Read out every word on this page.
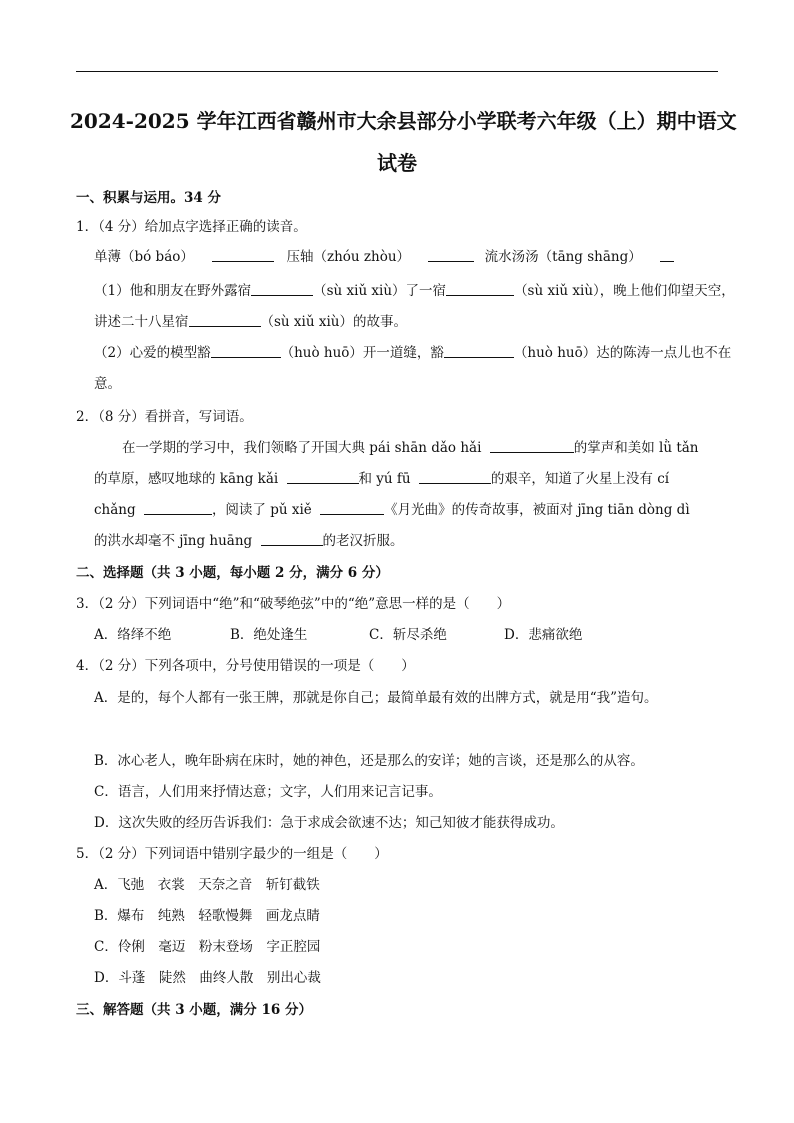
2024-2025 学年江西省赣州市大余县部分小学联考六年级（上）期中语文
试卷
一、积累与运用。34 分
1．（4 分）给加点字选择正确的读音。
单薄（bó báo）	压轴（zhóu zhòu）	流水汤汤（tāng shāng）
（1）他和朋友在野外露宿	（sù xiǔ xiù）了一宿	（sù xiǔ xiù），晚上他们仰望天空，
讲述二十八星宿	（sù xiǔ xiù）的故事。
（2）心爱的模型豁	（huò huō）开一道缝，豁	（huò huō）达的陈涛一点儿也不在
意。
2．（8 分）看拼音，写词语。
在一学期的学习中，我们领略了开国大典 pái shān dǎo hǎi	的掌声和美如 lǜ tǎn
的草原，感叹地球的 kāng kǎi	和 yú fū	的艰辛，知道了火星上没有 cí
chǎng	，阅读了 pǔ xiě	《月光曲》的传奇故事，被面对 jīng tiān dòng dì
的洪水却毫不 jīng huāng	的老汉折服。
二、选择题（共 3 小题，每小题 2 分，满分 6 分）
3．（2 分）下列词语中“绝”和“破琴绝弦”中的“绝”意思一样的是（　　）
A．络绎不绝	B．绝处逢生	C．斩尽杀绝	D．悲痛欲绝
4．（2 分）下列各项中，分号使用错误的一项是（　　）
A．是的，每个人都有一张王牌，那就是你自己；最简单最有效的出牌方式，就是用“我”造句。
B．冰心老人，晚年卧病在床时，她的神色，还是那么的安详；她的言谈，还是那么的从容。
C．语言，人们用来抒情达意；文字，人们用来记言记事。
D．这次失败的经历告诉我们：急于求成会欲速不达；知己知彼才能获得成功。
5．（2 分）下列词语中错别字最少的一组是（　　）
A．飞弛　衣裳　天奈之音　斩钉截铁
B．爆布　纯熟　轻歌慢舞　画龙点睛
C．伶俐　毫迈　粉末登场　字正腔园
D．斗蓬　陡然　曲终人散　别出心裁
三、解答题（共 3 小题，满分 16 分）
